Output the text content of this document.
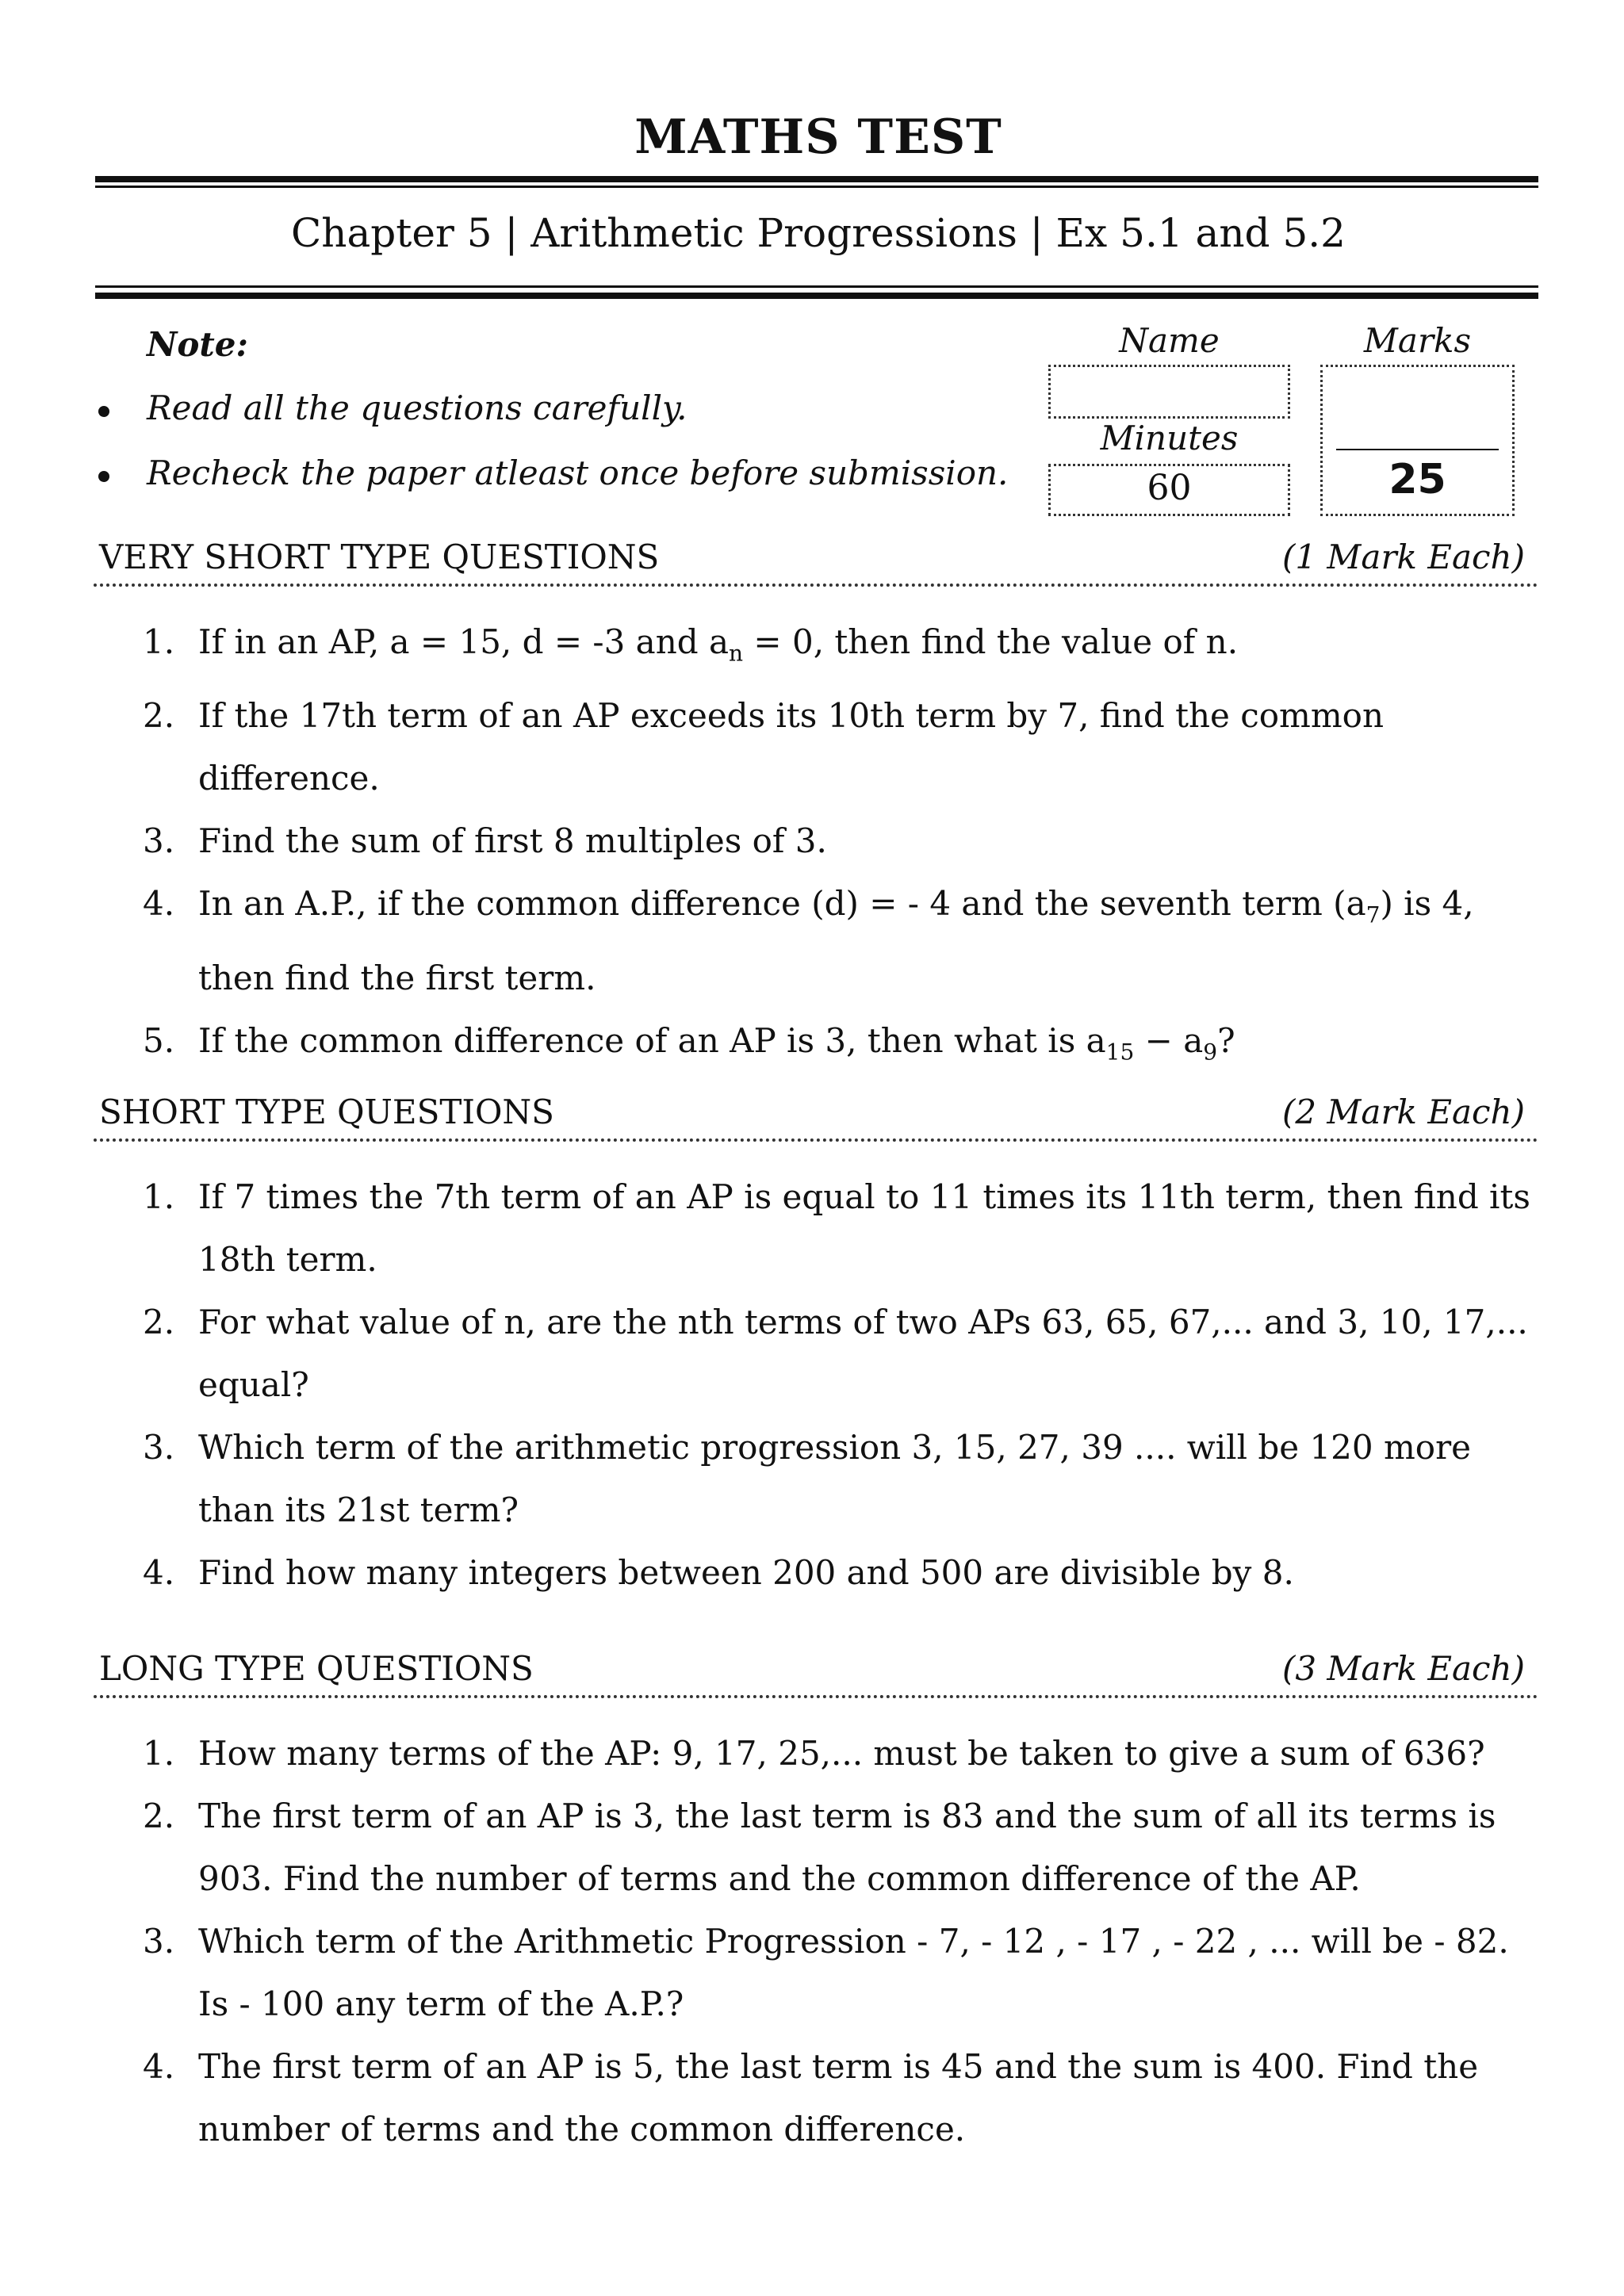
MATHS TEST
Chapter 5 | Arithmetic Progressions | Ex 5.1 and 5.2
Note:
Read all the questions carefully.
Recheck the paper atleast once before submission.
Name
Minutes
60
Marks
25
VERY SHORT TYPE QUESTIONS	(1 Mark Each)
1. If in an AP, a = 15, d = -3 and $a_n = 0$, then find the value of n.
2. If the 17th term of an AP exceeds its 10th term by 7, find the common difference.
3. Find the sum of first 8 multiples of 3.
4. In an A.P., if the common difference (d) = - 4 and the seventh term $(a_7)$ is 4, then find the first term.
5. If the common difference of an AP is 3, then what is $a_{15} - a_9$?
SHORT TYPE QUESTIONS	(2 Mark Each)
1. If 7 times the 7th term of an AP is equal to 11 times its 11th term, then find its 18th term.
2. For what value of n, are the nth terms of two APs 63, 65, 67,... and 3, 10, 17,... equal?
3. Which term of the arithmetic progression 3, 15, 27, 39 .... will be 120 more than its 21st term?
4. Find how many integers between 200 and 500 are divisible by 8.
LONG TYPE QUESTIONS	(3 Mark Each)
1. How many terms of the AP: 9, 17, 25,... must be taken to give a sum of 636?
2. The first term of an AP is 3, the last term is 83 and the sum of all its terms is 903. Find the number of terms and the common difference of the AP.
3. Which term of the Arithmetic Progression - 7, - 12 , - 17 , - 22 , ... will be - 82. Is - 100 any term of the A.P.?
4. The first term of an AP is 5, the last term is 45 and the sum is 400. Find the number of terms and the common difference.
